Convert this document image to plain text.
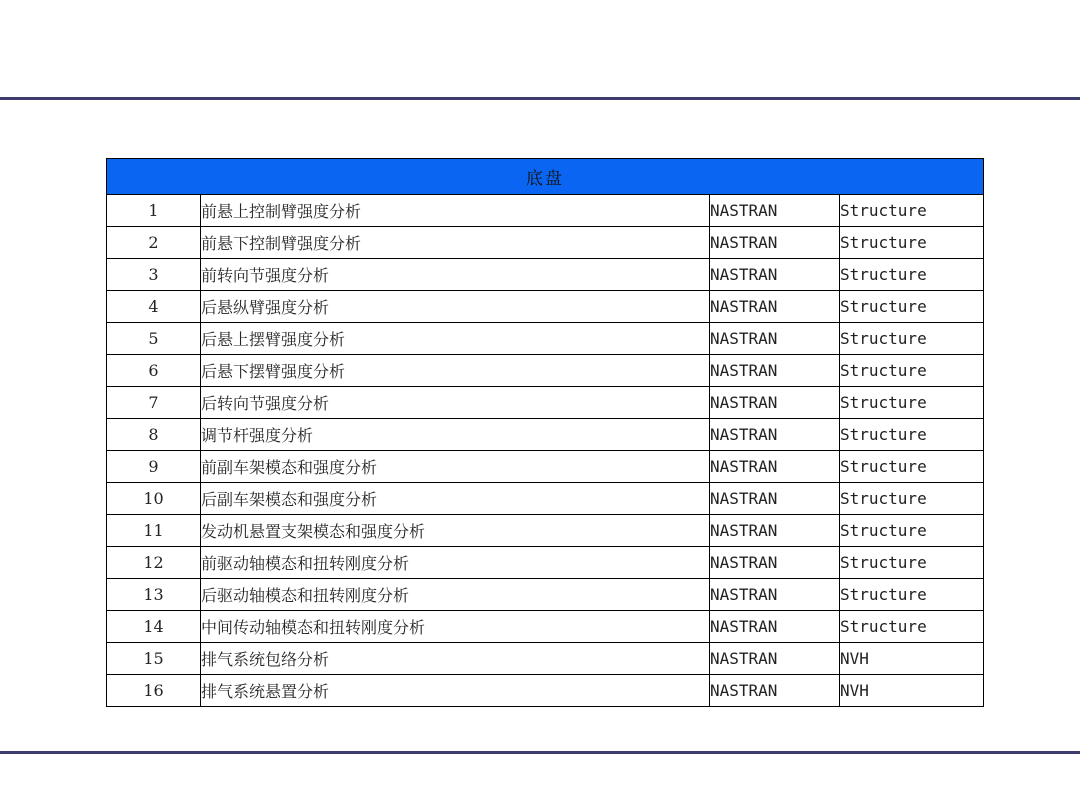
底盘			
1	前悬上控制臂强度分析	NASTRAN	Structure
2	前悬下控制臂强度分析	NASTRAN	Structure
3	前转向节强度分析	NASTRAN	Structure
4	后悬纵臂强度分析	NASTRAN	Structure
5	后悬上摆臂强度分析	NASTRAN	Structure
6	后悬下摆臂强度分析	NASTRAN	Structure
7	后转向节强度分析	NASTRAN	Structure
8	调节杆强度分析	NASTRAN	Structure
9	前副车架模态和强度分析	NASTRAN	Structure
10	后副车架模态和强度分析	NASTRAN	Structure
11	发动机悬置支架模态和强度分析	NASTRAN	Structure
12	前驱动轴模态和扭转刚度分析	NASTRAN	Structure
13	后驱动轴模态和扭转刚度分析	NASTRAN	Structure
14	中间传动轴模态和扭转刚度分析	NASTRAN	Structure
15	排气系统包络分析	NASTRAN	NVH
16	排气系统悬置分析	NASTRAN	NVH
